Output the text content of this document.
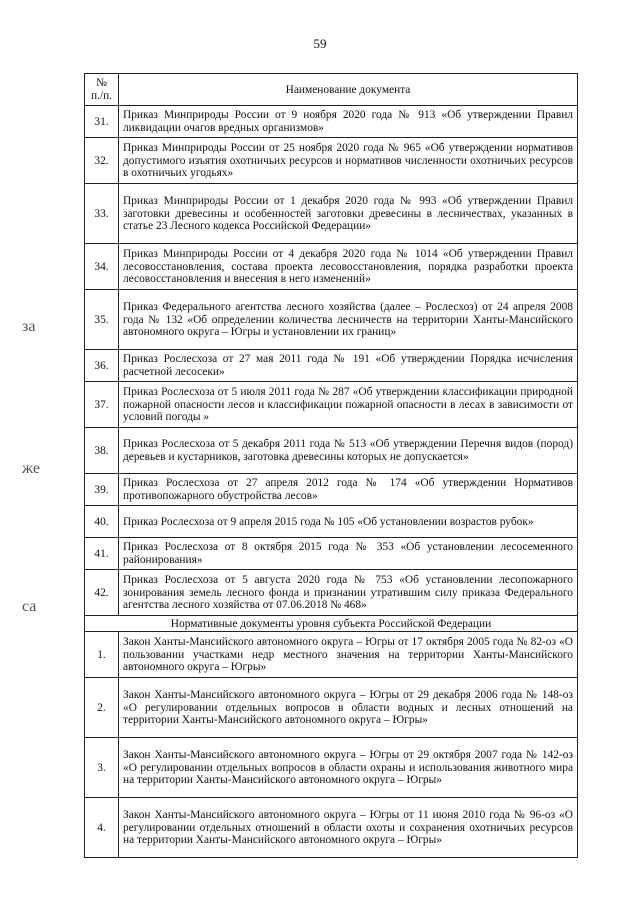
59
за
же
са
№
п./п.	Наименование документа
31.	Приказ Минприроды России от 9 ноября 2020 года № 913 «Об утверждении Правил ликвидации очагов вредных организмов»
32.	Приказ Минприроды России от 25 ноября 2020 года № 965 «Об утверждении нормативов допустимого изъятия охотничьих ресурсов и нормативов численности охотничьих ресурсов в охотничьих угодьях»
33.	Приказ Минприроды России от 1 декабря 2020 года № 993 «Об утверждении Правил заготовки древесины и особенностей заготовки древесины в лесничествах, указанных в статье 23 Лесного кодекса Российской Федерации»
34.	Приказ Минприроды России от 4 декабря 2020 года № 1014 «Об утверждении Правил лесовосстановления, состава проекта лесовосстановления, порядка разработки проекта лесовосстановления и внесения в него изменений»
35.	Приказ Федерального агентства лесного хозяйства (далее – Рослесхоз) от 24 апреля 2008 года № 132 «Об определении количества лесничеств на территории Ханты-Мансийского автономного округа – Югры и установлении их границ»
36.	Приказ Рослесхоза от 27 мая 2011 года № 191 «Об утверждении Порядка исчисления расчетной лесосеки»
37.	Приказ Рослесхоза от 5 июля 2011 года № 287 «Об утверждении классификации природной пожарной опасности лесов и классификации пожарной опасности в лесах в зависимости от условий погоды »
38.	Приказ Рослесхоза от 5 декабря 2011 года № 513 «Об утверждении Перечня видов (пород) деревьев и кустарников, заготовка древесины которых не допускается»
39.	Приказ Рослесхоза от 27 апреля 2012 года № 174 «Об утверждении Нормативов противопожарного обустройства лесов»
40.	Приказ Рослесхоза от 9 апреля 2015 года № 105 «Об установлении возрастов рубок»
41.	Приказ Рослесхоза от 8 октября 2015 года № 353 «Об установлении лесосеменного районирования»
42.	Приказ Рослесхоза от 5 августа 2020 года № 753 «Об установлении лесопожарного зонирования земель лесного фонда и признании утратившим силу приказа Федерального агентства лесного хозяйства от 07.06.2018 № 468»
Нормативные документы уровня субъекта Российской Федерации	
1.	Закон Ханты-Мансийского автономного округа – Югры от 17 октября 2005 года № 82-оз «О пользовании участками недр местного значения на территории Ханты-Мансийского автономного округа – Югры»
2.	Закон Ханты-Мансийского автономного округа – Югры от 29 декабря 2006 года № 148-оз «О регулировании отдельных вопросов в области водных и лесных отношений на территории Ханты-Мансийского автономного округа – Югры»
3.	Закон Ханты-Мансийского автономного округа – Югры от 29 октября 2007 года № 142-оз «О регулировании отдельных вопросов в области охраны и использования животного мира на территории Ханты-Мансийского автономного округа – Югры»
4.	Закон Ханты-Мансийского автономного округа – Югры от 11 июня 2010 года № 96-оз «О регулировании отдельных отношений в области охоты и сохранения охотничьих ресурсов на территории Ханты-Мансийского автономного округа – Югры»
